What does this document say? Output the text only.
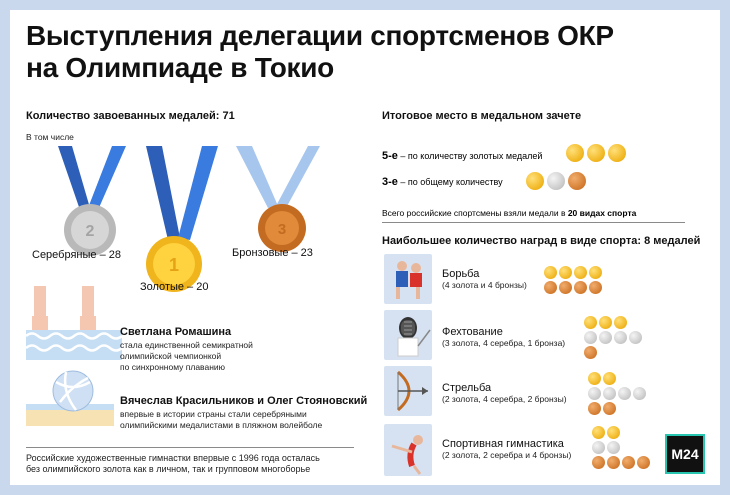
Выступления делегации спортсменов ОКР на Олимпиаде в Токио
Количество завоеванных медалей: 71
В том числе
2
1
3
Серебряные – 28
Золотые – 20
Бронзовые – 23
Светлана Ромашина
стала единственной семикратной
олимпийской чемпионкой
по синхронному плаванию
Вячеслав Красильников и Олег Стояновский
впервые в истории страны стали серебряными
олимпийскими медалистами в пляжном волейболе
Российские художественные гимнастки впервые с 1996 года осталась
без олимпийского золота как в личном, так и групповом многоборье
Итоговое место в медальном зачете
5-е – по количеству золотых медалей
3-е – по общему количеству
Всего российские спортсмены взяли медали в 20 видах спорта
Наибольшее количество наград в виде спорта: 8 медалей
Борьба
(4 золота и 4 бронзы)
Фехтование
(3 золота, 4 серебра, 1 бронза)
Стрельба
(2 золота, 4 серебра, 2 бронзы)
Спортивная гимнастика
(2 золота, 2 серебра и 4 бронзы)	M24
